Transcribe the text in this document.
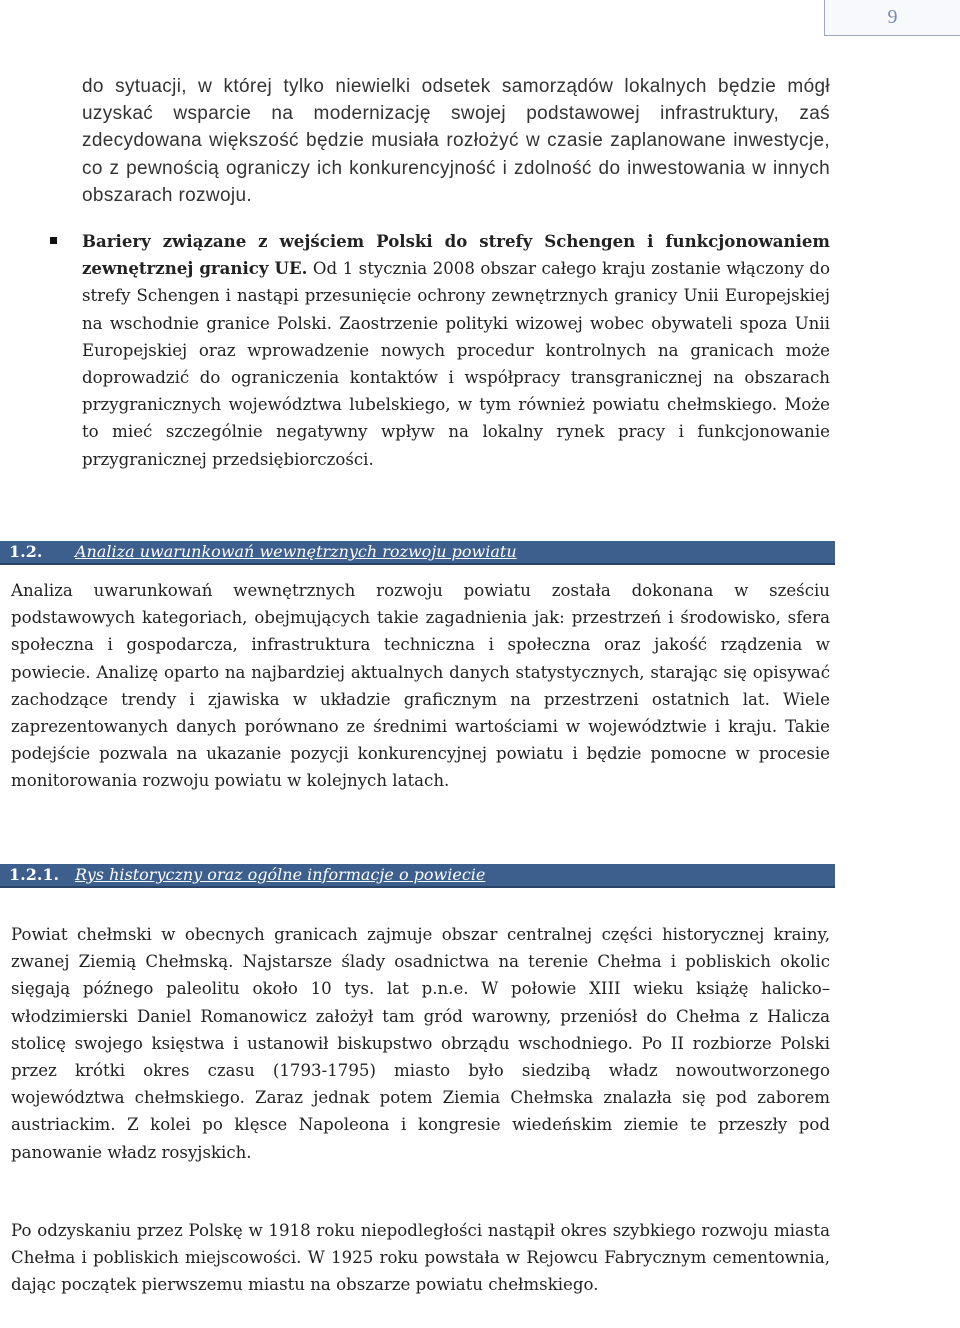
9

do sytuacji, w której tylko niewielki odsetek samorządów lokalnych będzie mógł uzyskać wsparcie na modernizację swojej podstawowej infrastruktury, zaś zdecydowana większość będzie musiała rozłożyć w czasie zaplanowane inwestycje, co z pewnością ograniczy ich konkurencyjność i zdolność do inwestowania w innych obszarach rozwoju.

Bariery związane z wejściem Polski do strefy Schengen i funkcjonowaniem zewnętrznej granicy UE. Od 1 stycznia 2008 obszar całego kraju zostanie włączony do strefy Schengen i nastąpi przesunięcie ochrony zewnętrznych granicy Unii Europejskiej na wschodnie granice Polski. Zaostrzenie polityki wizowej wobec obywateli spoza Unii Europejskiej oraz wprowadzenie nowych procedur kontrolnych na granicach może doprowadzić do ograniczenia kontaktów i współpracy transgranicznej na obszarach przygranicznych województwa lubelskiego, w tym również powiatu chełmskiego. Może to mieć szczególnie negatywny wpływ na lokalny rynek pracy i funkcjonowanie przygranicznej przedsiębiorczości.

1.2.	Analiza uwarunkowań wewnętrznych rozwoju powiatu

Analiza uwarunkowań wewnętrznych rozwoju powiatu została dokonana w sześciu podstawowych kategoriach, obejmujących takie zagadnienia jak: przestrzeń i środowisko, sfera społeczna i gospodarcza, infrastruktura techniczna i społeczna oraz jakość rządzenia w powiecie. Analizę oparto na najbardziej aktualnych danych statystycznych, starając się opisywać zachodzące trendy i zjawiska w układzie graficznym na przestrzeni ostatnich lat. Wiele zaprezentowanych danych porównano ze średnimi wartościami w województwie i kraju. Takie podejście pozwala na ukazanie pozycji konkurencyjnej powiatu i będzie pomocne w procesie monitorowania rozwoju powiatu w kolejnych latach.

1.2.1. Rys historyczny oraz ogólne informacje o powiecie

Powiat chełmski w obecnych granicach zajmuje obszar centralnej części historycznej krainy, zwanej Ziemią Chełmską. Najstarsze ślady osadnictwa na terenie Chełma i pobliskich okolic sięgają późnego paleolitu około 10 tys. lat p.n.e. W połowie XIII wieku książę halicko–włodzimierski Daniel Romanowicz założył tam gród warowny, przeniósł do Chełma z Halicza stolicę swojego księstwa i ustanowił biskupstwo obrządu wschodniego. Po II rozbiorze Polski przez krótki okres czasu (1793-1795) miasto było siedzibą władz nowoutworzonego województwa chełmskiego. Zaraz jednak potem Ziemia Chełmska znalazła się pod zaborem austriackim. Z kolei po klęsce Napoleona i kongresie wiedeńskim ziemie te przeszły pod panowanie władz rosyjskich.

Po odzyskaniu przez Polskę w 1918 roku niepodległości nastąpił okres szybkiego rozwoju miasta Chełma i pobliskich miejscowości. W 1925 roku powstała w Rejowcu Fabrycznym cementownia, dając początek pierwszemu miastu na obszarze powiatu chełmskiego.
